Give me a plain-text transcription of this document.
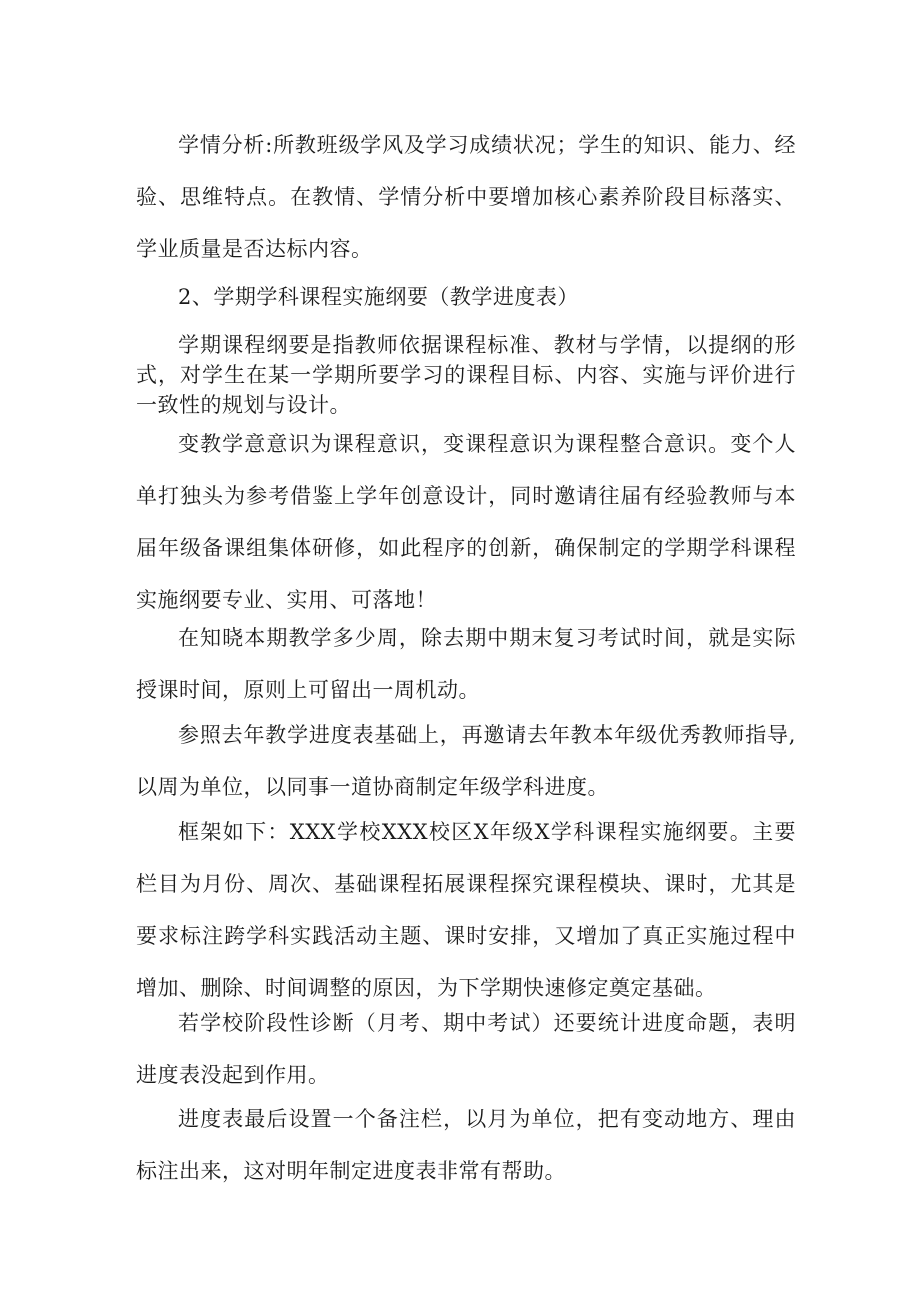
学情分析:所教班级学风及学习成绩状况；学生的知识、能力、经验、思维特点。在教情、学情分析中要增加核心素养阶段目标落实、学业质量是否达标内容。

2、学期学科课程实施纲要（教学进度表）

学期课程纲要是指教师依据课程标准、教材与学情，以提纲的形式，对学生在某一学期所要学习的课程目标、内容、实施与评价进行一致性的规划与设计。

变教学意意识为课程意识，变课程意识为课程整合意识。变个人单打独头为参考借鉴上学年创意设计，同时邀请往届有经验教师与本届年级备课组集体研修，如此程序的创新，确保制定的学期学科课程实施纲要专业、实用、可落地！

在知晓本期教学多少周，除去期中期末复习考试时间，就是实际授课时间，原则上可留出一周机动。

参照去年教学进度表基础上，再邀请去年教本年级优秀教师指导,以周为单位，以同事一道协商制定年级学科进度。

框架如下：XXX学校XXX校区X年级X学科课程实施纲要。主要栏目为月份、周次、基础课程拓展课程探究课程模块、课时，尤其是要求标注跨学科实践活动主题、课时安排，又增加了真正实施过程中增加、删除、时间调整的原因，为下学期快速修定奠定基础。

若学校阶段性诊断（月考、期中考试）还要统计进度命题，表明进度表没起到作用。

进度表最后设置一个备注栏，以月为单位，把有变动地方、理由标注出来，这对明年制定进度表非常有帮助。
